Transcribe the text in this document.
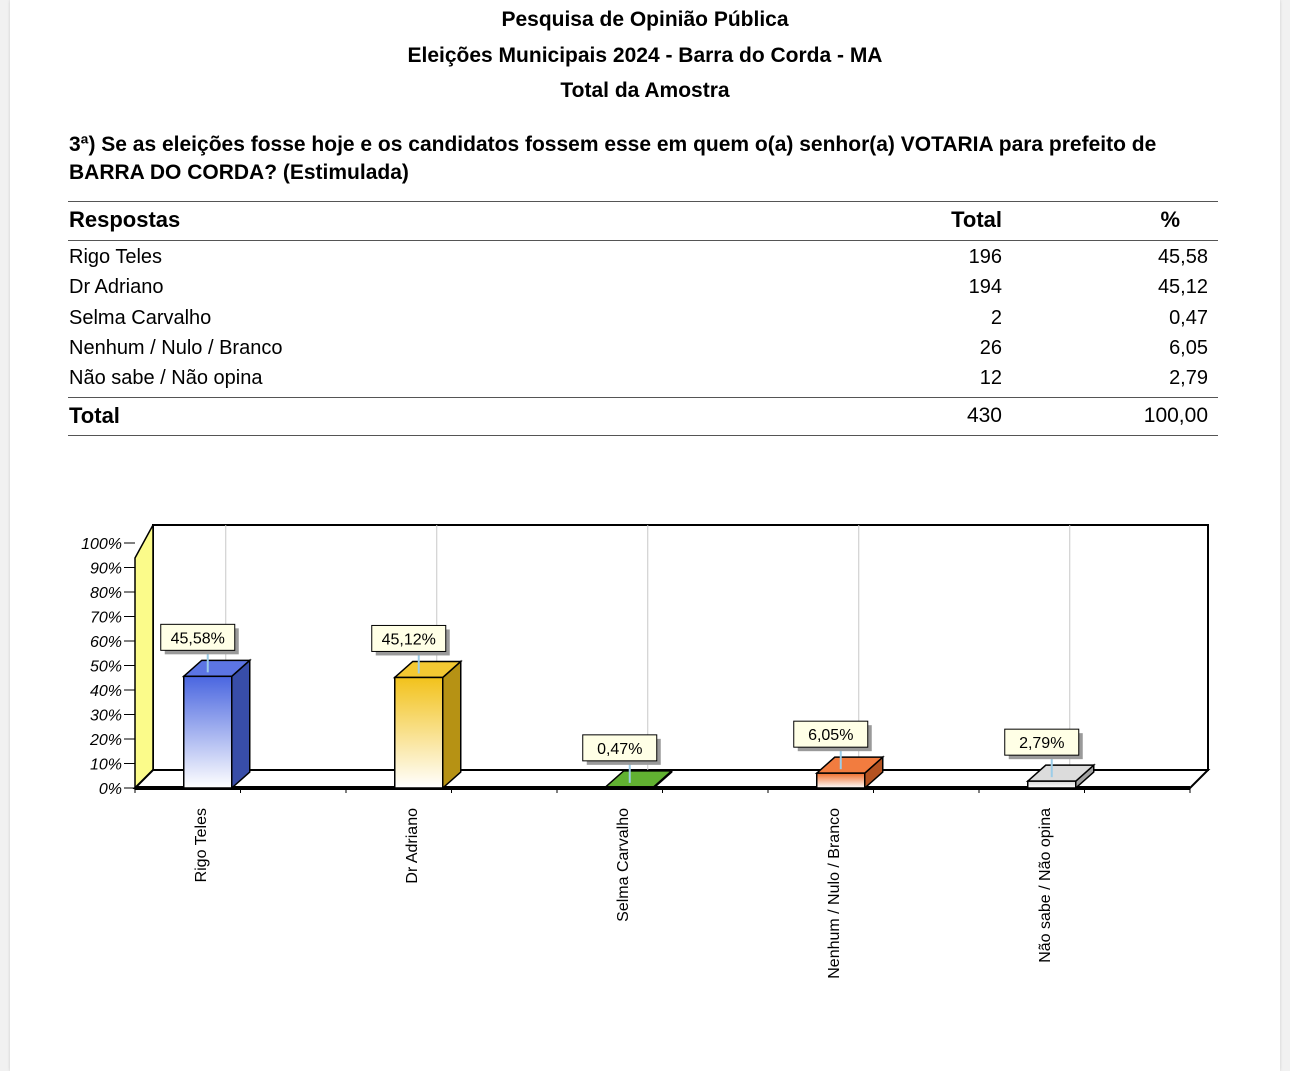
Pesquisa de Opinião Pública
Eleições Municipais 2024 - Barra do Corda - MA
Total da Amostra
3ª) Se as eleições fosse hoje e os candidatos fossem esse em quem o(a) senhor(a) VOTARIA para prefeito de BARRA DO CORDA? (Estimulada)
Respostas	Total	%
Rigo Teles	196	45,58
Dr Adriano	194	45,12
Selma Carvalho	2	0,47
Nenhum / Nulo / Branco	26	6,05
Não sabe / Não opina	12	2,79
Total	430	100,00
0%
10%
20%
30%
40%
50%
60%
70%
80%
90%
100%
45,58%
Rigo Teles
45,12%
Dr Adriano
0,47%
Selma Carvalho
6,05%
Nenhum / Nulo / Branco
2,79%
Não sabe / Não opina
